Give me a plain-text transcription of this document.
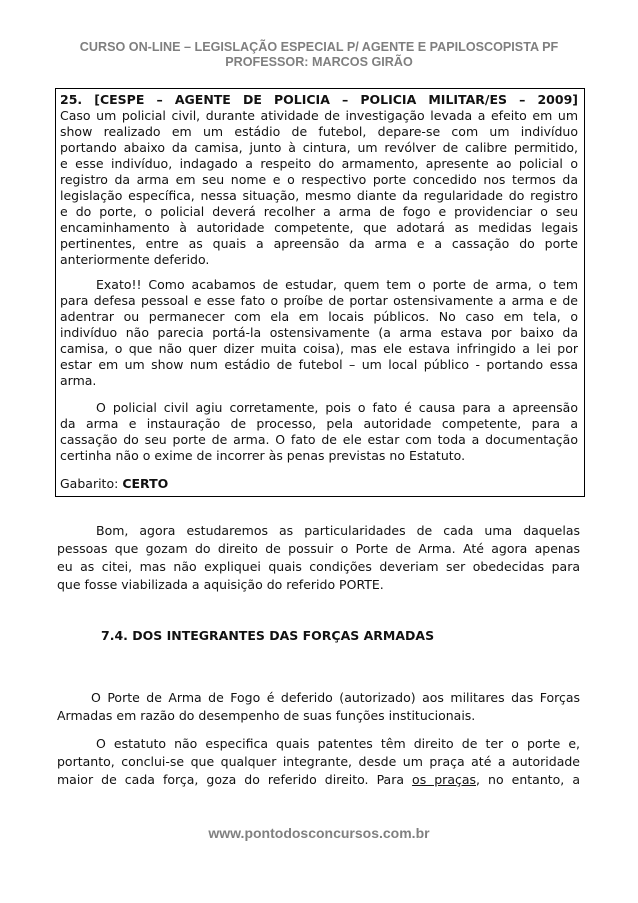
CURSO ON-LINE – LEGISLAÇÃO ESPECIAL P/ AGENTE E PAPILOSCOPISTA PF
PROFESSOR: MARCOS GIRÃO
25. [CESPE – AGENTE DE POLICIA – POLICIA MILITAR/ES – 2009]
Caso um policial civil, durante atividade de investigação levada a efeito em um
show realizado em um estádio de futebol, depare-se com um indivíduo
portando abaixo da camisa, junto à cintura, um revólver de calibre permitido,
e esse indivíduo, indagado a respeito do armamento, apresente ao policial o
registro da arma em seu nome e o respectivo porte concedido nos termos da
legislação específica, nessa situação, mesmo diante da regularidade do registro
e do porte, o policial deverá recolher a arma de fogo e providenciar o seu
encaminhamento à autoridade competente, que adotará as medidas legais
pertinentes, entre as quais a apreensão da arma e a cassação do porte
anteriormente deferido.
Exato!! Como acabamos de estudar, quem tem o porte de arma, o tem
para defesa pessoal e esse fato o proíbe de portar ostensivamente a arma e de
adentrar ou permanecer com ela em locais públicos. No caso em tela, o
indivíduo não parecia portá-la ostensivamente (a arma estava por baixo da
camisa, o que não quer dizer muita coisa), mas ele estava infringido a lei por
estar em um show num estádio de futebol – um local público - portando essa
arma.
O policial civil agiu corretamente, pois o fato é causa para a apreensão
da arma e instauração de processo, pela autoridade competente, para a
cassação do seu porte de arma. O fato de ele estar com toda a documentação
certinha não o exime de incorrer às penas previstas no Estatuto.
Gabarito: CERTO
Bom, agora estudaremos as particularidades de cada uma daquelas
pessoas que gozam do direito de possuir o Porte de Arma. Até agora apenas
eu as citei, mas não expliquei quais condições deveriam ser obedecidas para
que fosse viabilizada a aquisição do referido PORTE.
7.4. DOS INTEGRANTES DAS FORÇAS ARMADAS
O Porte de Arma de Fogo é deferido (autorizado) aos militares das Forças
Armadas em razão do desempenho de suas funções institucionais.
O estatuto não especifica quais patentes têm direito de ter o porte e,
portanto, conclui-se que qualquer integrante, desde um praça até a autoridade
maior de cada força, goza do referido direito. Para os praças, no entanto, a
www.pontodosconcursos.com.br
